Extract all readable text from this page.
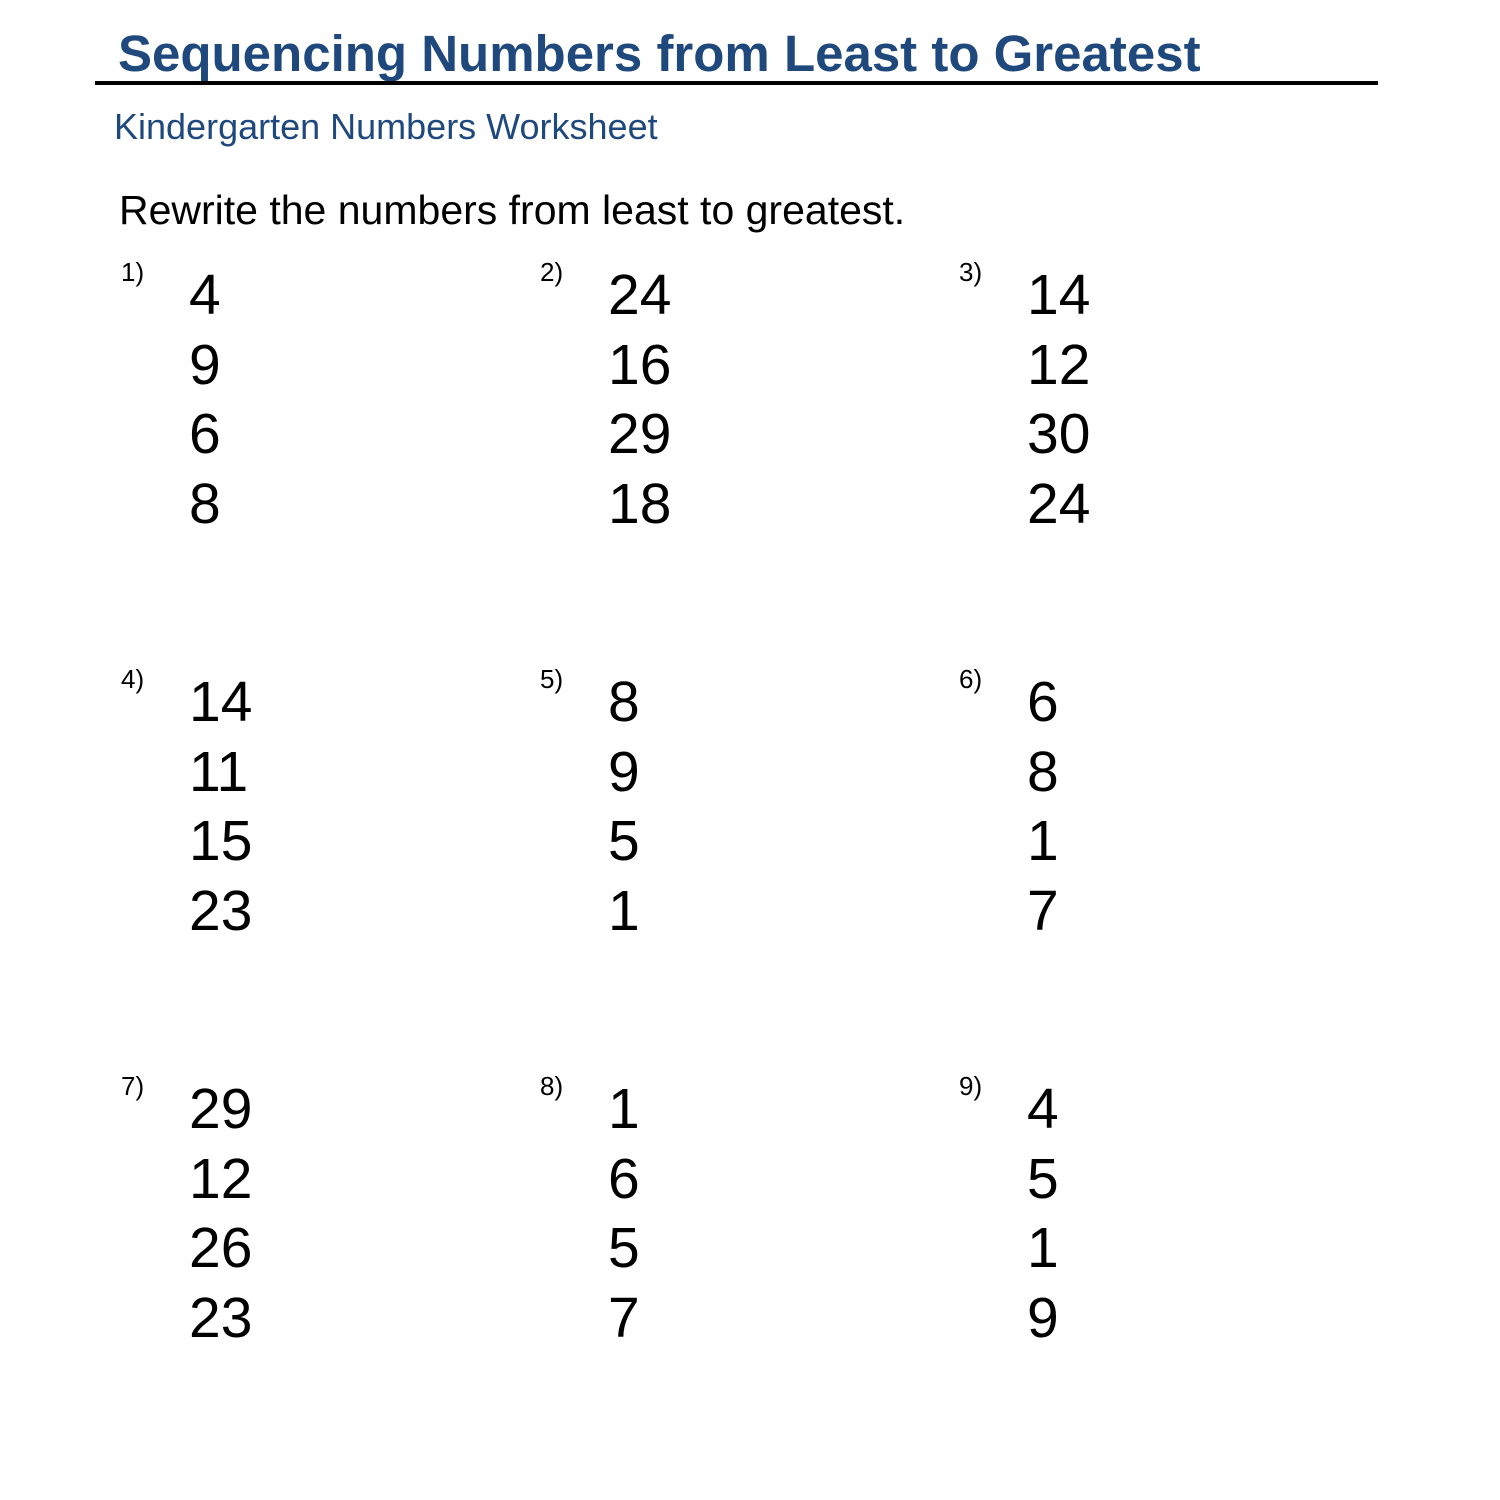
Sequencing Numbers from Least to Greatest
Kindergarten Numbers Worksheet
Rewrite the numbers from least to greatest.
1) 4
9
6
8
2) 24
16
29
18
3) 14
12
30
24
4) 14
11
15
23
5) 8
9
5
1
6) 6
8
1
7
7) 29
12
26
23
8) 1
6
5
7
9) 4
5
1
9
